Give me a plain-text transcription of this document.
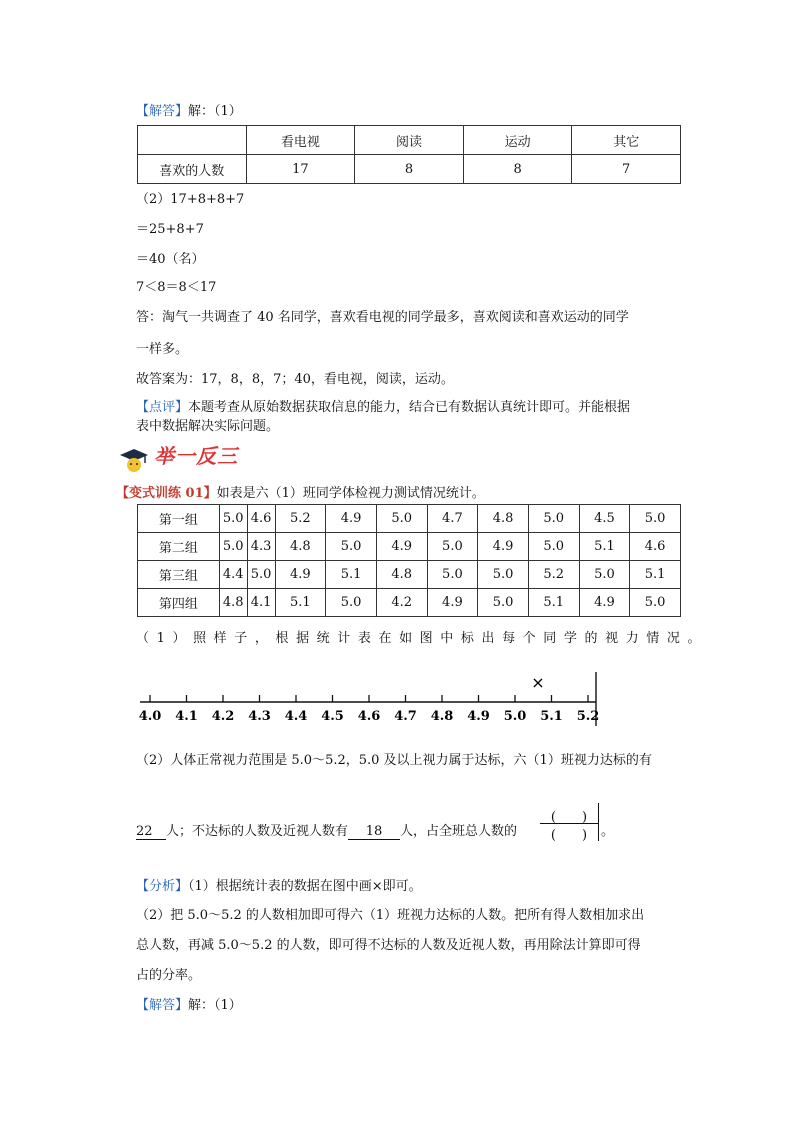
【解答】解：（1）
	看电视	阅读	运动	其它
喜欢的人数	17	8	8	7
（2）17+8+8+7
＝25+8+7
＝40（名）
7＜8＝8＜17
答：淘气一共调查了 40 名同学，喜欢看电视的同学最多，喜欢阅读和喜欢运动的同学
一样多。
故答案为：17，8，8，7；40，看电视，阅读，运动。
【点评】本题考查从原始数据获取信息的能力，结合已有数据认真统计即可。并能根据
表中数据解决实际问题。
举一反三
【变式训练 01】如表是六（1）班同学体检视力测试情况统计。
第一组	5.0	4.6	5.2	4.9	5.0	4.7	4.8	5.0	4.5	5.0
第二组	5.0	4.3	4.8	5.0	4.9	5.0	4.9	5.0	5.1	4.6
第三组	4.4	5.0	4.9	5.1	4.8	5.0	5.0	5.2	5.0	5.1
第四组	4.8	4.1	5.1	5.0	4.2	4.9	5.0	5.1	4.9	5.0
（1）照样子，根据统计表在如图中标出每个同学的视力情况。
×
4.0 4.1 4.2 4.3 4.4 4.5 4.6 4.7 4.8 4.9 5.0 5.1 5.2
（2）人体正常视力范围是 5.0～5.2，5.0 及以上视力属于达标，六（1）班视力达标的有
22 人；不达标的人数及近视人数有 18 人，占全班总人数的
(　　)
(　　)	。
【分析】（1）根据统计表的数据在图中画×即可。
（2）把 5.0～5.2 的人数相加即可得六（1）班视力达标的人数。把所有得人数相加求出
总人数，再减 5.0～5.2 的人数，即可得不达标的人数及近视人数，再用除法计算即可得
占的分率。
【解答】解：（1）
